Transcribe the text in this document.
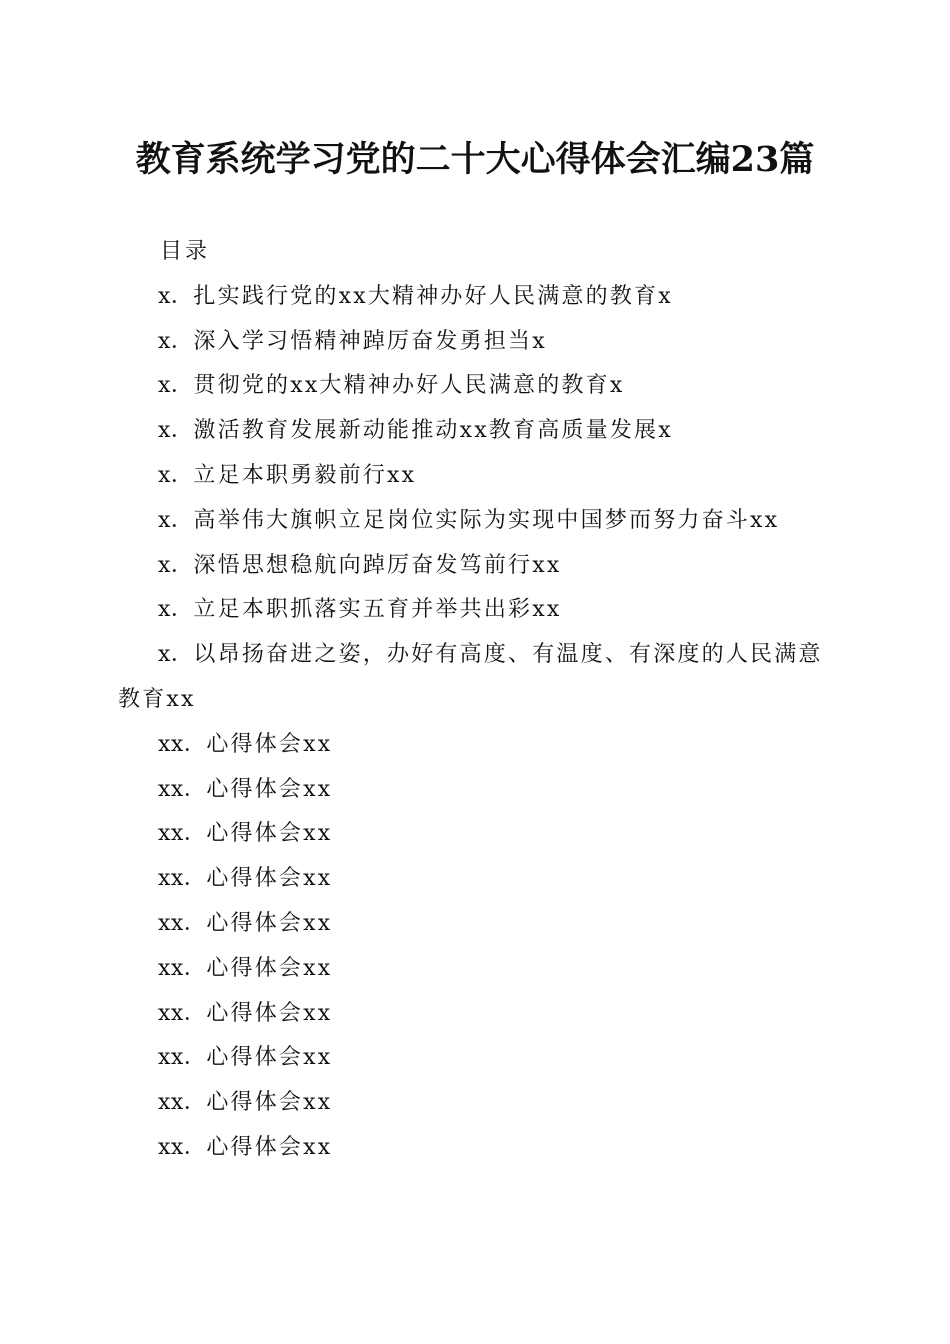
教育系统学习党的二十大心得体会汇编23篇

目录

x．扎实践行党的xx大精神办好人民满意的教育x
x．深入学习悟精神踔厉奋发勇担当x
x．贯彻党的xx大精神办好人民满意的教育x
x．激活教育发展新动能推动xx教育高质量发展x
x．立足本职勇毅前行xx
x．高举伟大旗帜立足岗位实际为实现中国梦而努力奋斗xx
x．深悟思想稳航向踔厉奋发笃前行xx
x．立足本职抓落实五育并举共出彩xx
x．以昂扬奋进之姿，办好有高度、有温度、有深度的人民满意教育xx
xx．心得体会xx
xx．心得体会xx
xx．心得体会xx
xx．心得体会xx
xx．心得体会xx
xx．心得体会xx
xx．心得体会xx
xx．心得体会xx
xx．心得体会xx
xx．心得体会xx
